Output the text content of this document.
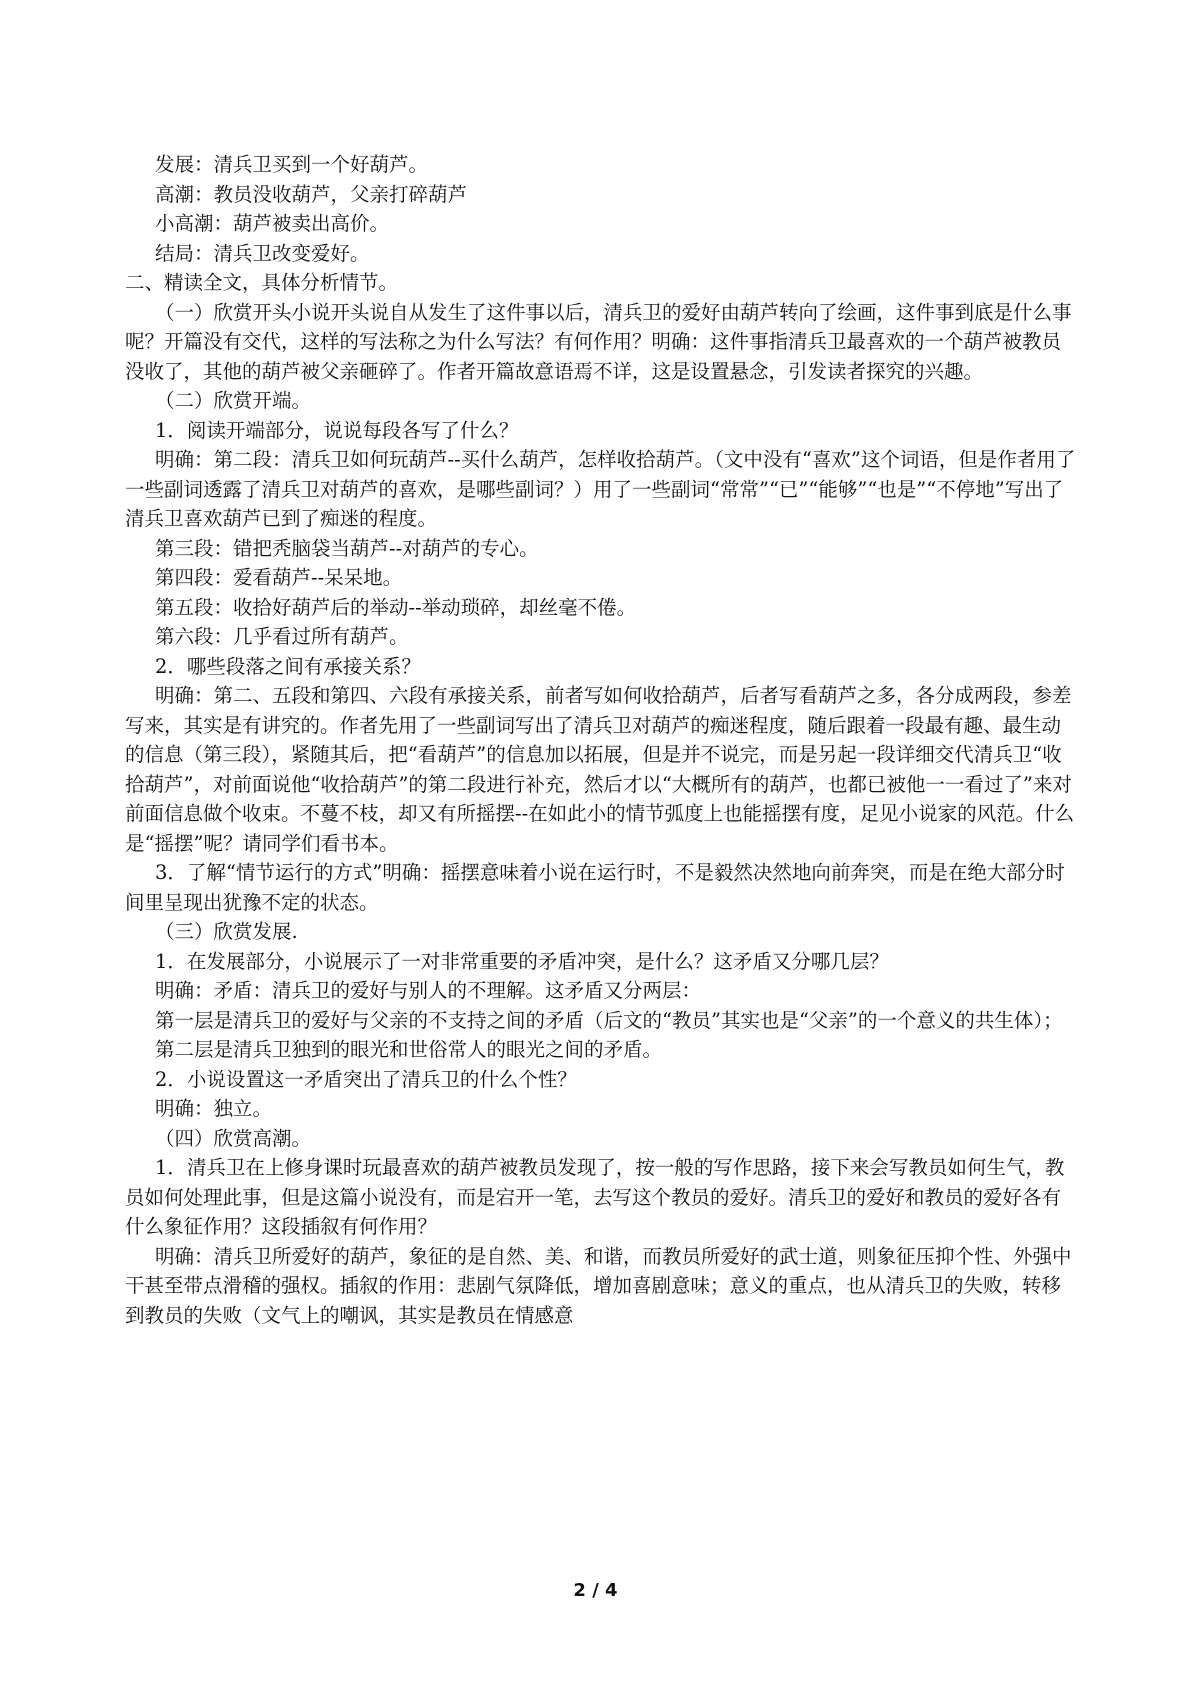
发展：清兵卫买到一个好葫芦。

高潮：教员没收葫芦，父亲打碎葫芦

小高潮：葫芦被卖出高价。

结局：清兵卫改变爱好。

二、精读全文，具体分析情节。

（一）欣赏开头小说开头说自从发生了这件事以后，清兵卫的爱好由葫芦转向了绘画，这件事到底是什么事呢？开篇没有交代，这样的写法称之为什么写法？有何作用？明确：这件事指清兵卫最喜欢的一个葫芦被教员没收了，其他的葫芦被父亲砸碎了。作者开篇故意语焉不详，这是设置悬念，引发读者探究的兴趣。

（二）欣赏开端。

1．阅读开端部分，说说每段各写了什么？

明确：第二段：清兵卫如何玩葫芦--买什么葫芦，怎样收拾葫芦。（文中没有“喜欢”这个词语，但是作者用了一些副词透露了清兵卫对葫芦的喜欢，是哪些副词？）用了一些副词“常常”“已”“能够”“也是”“不停地”写出了清兵卫喜欢葫芦已到了痴迷的程度。

第三段：错把秃脑袋当葫芦--对葫芦的专心。

第四段：爱看葫芦--呆呆地。

第五段：收拾好葫芦后的举动--举动琐碎，却丝毫不倦。

第六段：几乎看过所有葫芦。

2．哪些段落之间有承接关系？

明确：第二、五段和第四、六段有承接关系，前者写如何收拾葫芦，后者写看葫芦之多，各分成两段，参差写来，其实是有讲究的。作者先用了一些副词写出了清兵卫对葫芦的痴迷程度，随后跟着一段最有趣、最生动的信息（第三段），紧随其后，把“看葫芦”的信息加以拓展，但是并不说完，而是另起一段详细交代清兵卫“收拾葫芦”，对前面说他“收拾葫芦”的第二段进行补充，然后才以“大概所有的葫芦，也都已被他一一看过了”来对前面信息做个收束。不蔓不枝，却又有所摇摆--在如此小的情节弧度上也能摇摆有度，足见小说家的风范。什么是“摇摆”呢？请同学们看书本。

3．了解“情节运行的方式”明确：摇摆意味着小说在运行时，不是毅然决然地向前奔突，而是在绝大部分时间里呈现出犹豫不定的状态。

（三）欣赏发展.

1．在发展部分，小说展示了一对非常重要的矛盾冲突，是什么？这矛盾又分哪几层？

明确：矛盾：清兵卫的爱好与别人的不理解。这矛盾又分两层：

第一层是清兵卫的爱好与父亲的不支持之间的矛盾（后文的“教员”其实也是“父亲”的一个意义的共生体）；

第二层是清兵卫独到的眼光和世俗常人的眼光之间的矛盾。

2．小说设置这一矛盾突出了清兵卫的什么个性？

明确：独立。

（四）欣赏高潮。

1．清兵卫在上修身课时玩最喜欢的葫芦被教员发现了，按一般的写作思路，接下来会写教员如何生气，教员如何处理此事，但是这篇小说没有，而是宕开一笔，去写这个教员的爱好。清兵卫的爱好和教员的爱好各有什么象征作用？这段插叙有何作用？

明确：清兵卫所爱好的葫芦，象征的是自然、美、和谐，而教员所爱好的武士道，则象征压抑个性、外强中干甚至带点滑稽的强权。插叙的作用：悲剧气氛降低，增加喜剧意味；意义的重点，也从清兵卫的失败，转移到教员的失败（文气上的嘲讽，其实是教员在情感意

2 / 4
